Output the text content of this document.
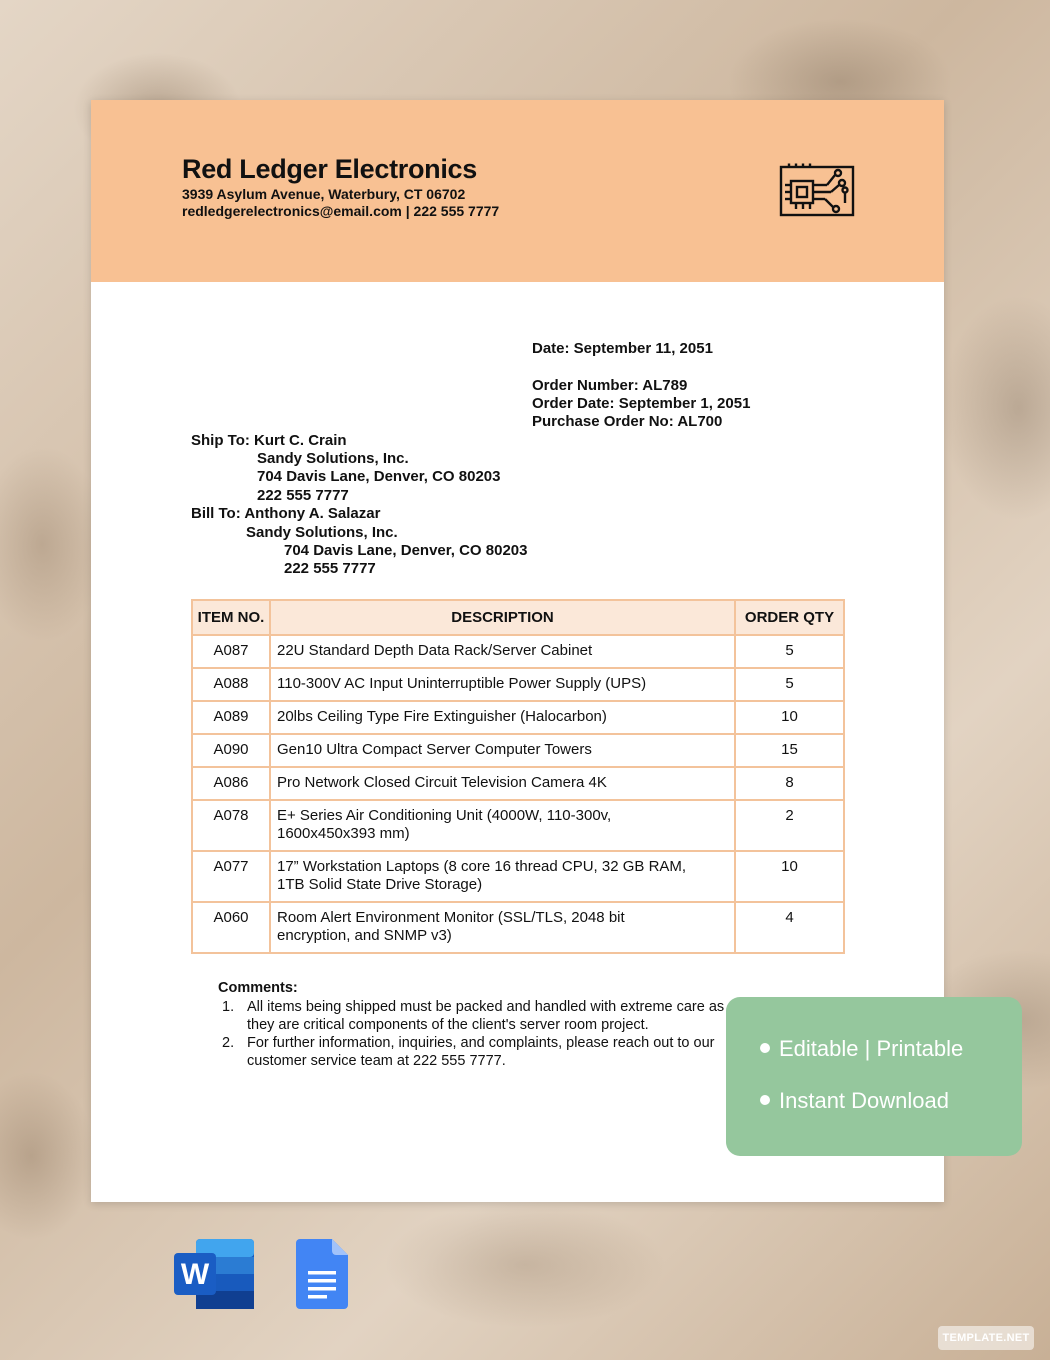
Red Ledger Electronics
3939 Asylum Avenue, Waterbury, CT 06702
redledgerelectronics@email.com | 222 555 7777
Date: September 11, 2051
Order Number: AL789
Order Date: September 1, 2051
Purchase Order No: AL700
Ship To: Kurt C. Crain
Sandy Solutions, Inc.
704 Davis Lane, Denver, CO 80203
222 555 7777
Bill To: Anthony A. Salazar
Sandy Solutions, Inc.
704 Davis Lane, Denver, CO 80203
222 555 7777
ITEM NO.	DESCRIPTION	ORDER QTY
A087	22U Standard Depth Data Rack/Server Cabinet	5
A088	110-300V AC Input Uninterruptible Power Supply (UPS)	5
A089	20lbs Ceiling Type Fire Extinguisher (Halocarbon)	10
A090	Gen10 Ultra Compact Server Computer Towers	15
A086	Pro Network Closed Circuit Television Camera 4K	8
A078	E+ Series Air Conditioning Unit (4000W, 110-300v,
1600x450x393 mm)	2
A077	17” Workstation Laptops (8 core 16 thread CPU, 32 GB RAM,
1TB Solid State Drive Storage)	10
A060	Room Alert Environment Monitor (SSL/TLS, 2048 bit
encryption, and SNMP v3)	4
Comments:
1. All items being shipped must be packed and handled with extreme care as they are critical components of the client's server room project.
2. For further information, inquiries, and complaints, please reach out to our customer service team at 222 555 7777.	Editable | Printable
Instant Download
W
TEMPLATE.NET
